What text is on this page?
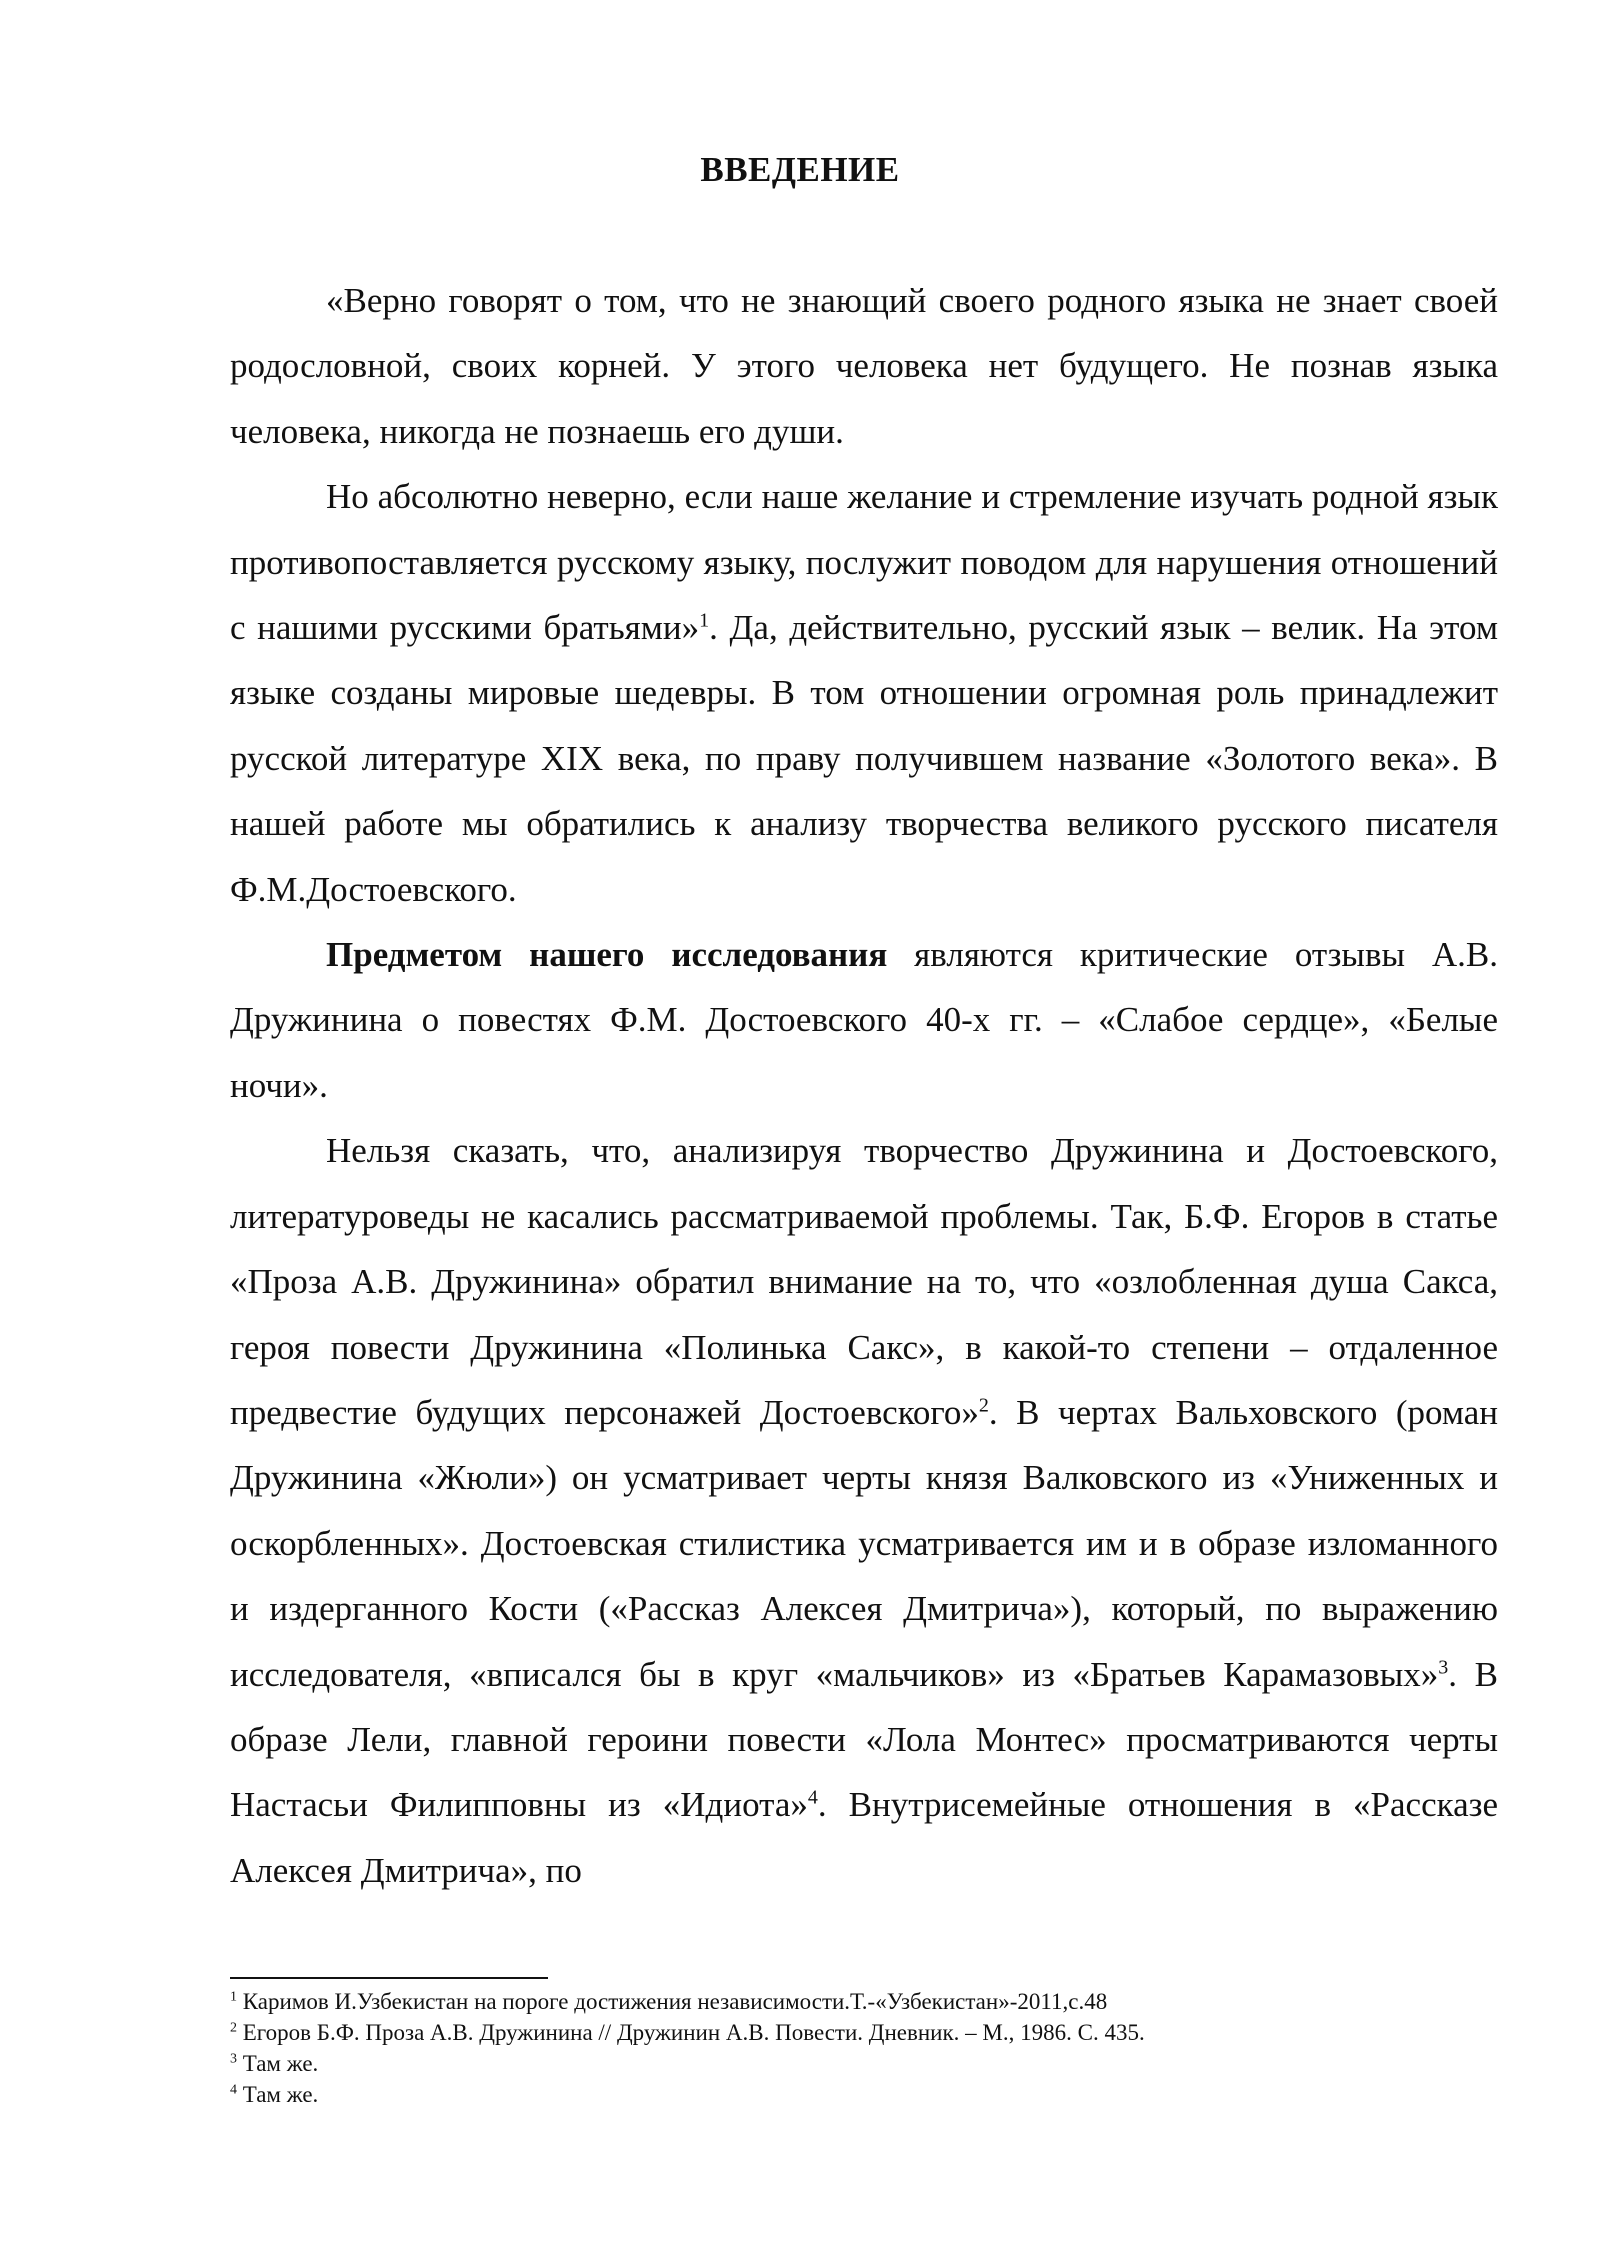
ВВЕДЕНИЕ

«Верно говорят о том, что не знающий своего родного языка не знает своей родословной, своих корней. У этого человека нет будущего. Не познав языка человека, никогда не познаешь его души.

Но абсолютно неверно, если наше желание и стремление изучать родной язык противопоставляется русскому языку, послужит поводом для нарушения отношений с нашими русскими братьями»$^1$. Да, действительно, русский язык – велик. На этом языке созданы мировые шедевры. В том отношении огромная роль принадлежит русской литературе XIX века, по праву получившем название «Золотого века». В нашей работе мы обратились к анализу творчества великого русского писателя Ф.М.Достоевского.

Предметом нашего исследования являются критические отзывы А.В. Дружинина о повестях Ф.М. Достоевского 40-х гг. – «Слабое сердце», «Белые ночи».

Нельзя сказать, что, анализируя творчество Дружинина и Достоевского, литературоведы не касались рассматриваемой проблемы. Так, Б.Ф. Егоров в статье «Проза А.В. Дружинина» обратил внимание на то, что «озлобленная душа Сакса, героя повести Дружинина «Полинька Сакс», в какой-то степени – отдаленное предвестие будущих персонажей Достоевского»$^2$. В чертах Вальховского (роман Дружинина «Жюли») он усматривает черты князя Валковского из «Униженных и оскорбленных». Достоевская стилистика усматривается им и в образе изломанного и издерганного Кости («Рассказ Алексея Дмитрича»), который, по выражению исследователя, «вписался бы в круг «мальчиков» из «Братьев Карамазовых»$^3$. В образе Лели, главной героини повести «Лола Монтес» просматриваются черты Настасьи Филипповны из «Идиота»$^4$. Внутрисемейные отношения в «Рассказе Алексея Дмитрича», по

$^1$ Каримов И.Узбекистан на пороге достижения независимости.Т.-«Узбекистан»-2011,с.48
$^2$ Егоров Б.Ф. Проза А.В. Дружинина // Дружинин А.В. Повести. Дневник. – М., 1986. С. 435.
$^3$ Там же.
$^4$ Там же.
